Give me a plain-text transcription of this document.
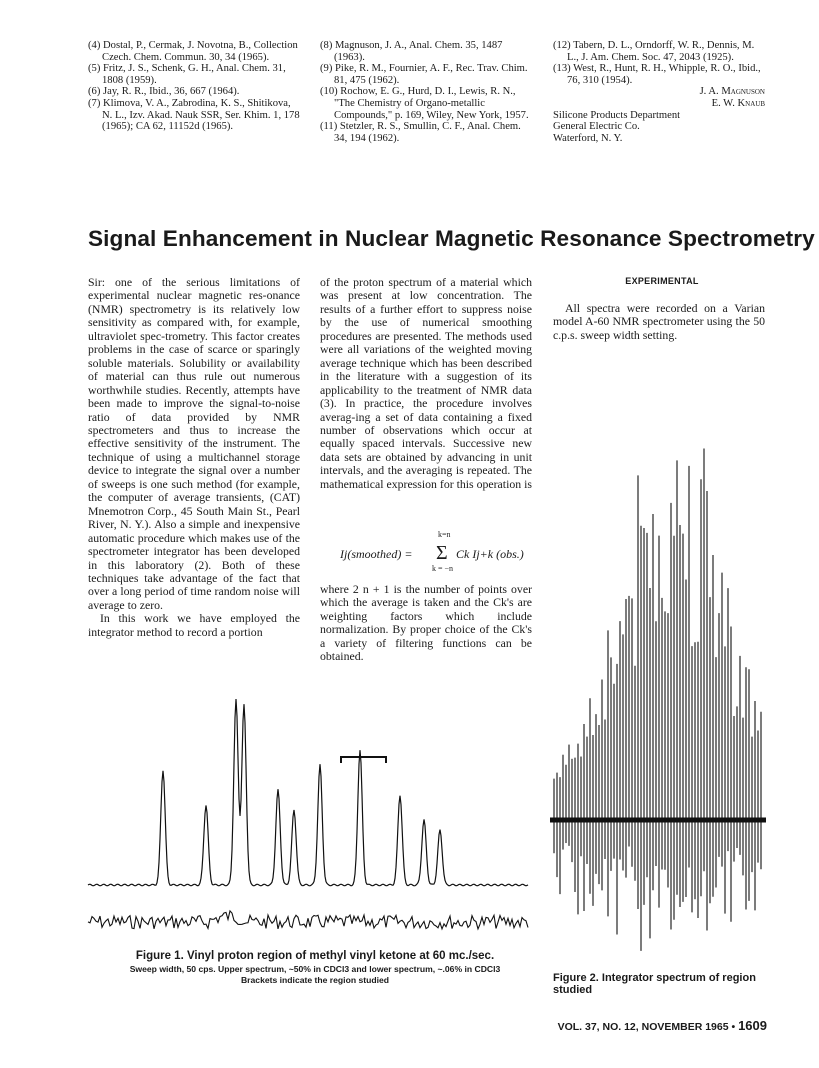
(4) Dostal, P., Cermak, J. Novotna, B., Collection Czech. Chem. Commun. 30, 34 (1965).

(5) Fritz, J. S., Schenk, G. H., Anal. Chem. 31, 1808 (1959).

(6) Jay, R. R., Ibid., 36, 667 (1964).

(7) Klimova, V. A., Zabrodina, K. S., Shitikova, N. L., Izv. Akad. Nauk SSR, Ser. Khim. 1, 178 (1965); CA 62, 11152d (1965).

(8) Magnuson, J. A., Anal. Chem. 35, 1487 (1963).

(9) Pike, R. M., Fournier, A. F., Rec. Trav. Chim. 81, 475 (1962).

(10) Rochow, E. G., Hurd, D. I., Lewis, R. N., "The Chemistry of Organo-metallic Compounds," p. 169, Wiley, New York, 1957.

(11) Stetzler, R. S., Smullin, C. F., Anal. Chem. 34, 194 (1962).

(12) Tabern, D. L., Orndorff, W. R., Dennis, M. L., J. Am. Chem. Soc. 47, 2043 (1925).

(13) West, R., Hunt, R. H., Whipple, R. O., Ibid., 76, 310 (1954).

J. A. Magnuson

E. W. Knaub

Silicone Products Department

General Electric Co.

Waterford, N. Y.

Signal Enhancement in Nuclear Magnetic Resonance Spectrometry

Sir: one of the serious limitations of experimental nuclear magnetic res-onance (NMR) spectrometry is its relatively low sensitivity as compared with, for example, ultraviolet spec-trometry. This factor creates problems in the case of scarce or sparingly soluble materials. Solubility or availability of material can thus rule out numerous worthwhile studies. Recently, attempts have been made to improve the signal-to-noise ratio of data provided by NMR spectrometers and thus to increase the effective sensitivity of the instrument. The technique of using a multichannel storage device to integrate the signal over a number of sweeps is one such method (for example, the computer of average transients, (CAT) Mnemotron Corp., 45 South Main St., Pearl River, N. Y.). Also a simple and inexpensive automatic procedure which makes use of the spectrometer integrator has been developed in this laboratory (2). Both of these techniques take advantage of the fact that over a long period of time random noise will average to zero.

In this work we have employed the integrator method to record a portion

of the proton spectrum of a material which was present at low concentration. The results of a further effort to suppress noise by the use of numerical smoothing procedures are presented. The methods used were all variations of the weighted moving average technique which has been described in the literature with a suggestion of its applicability to the treatment of NMR data (3). In practice, the procedure involves averag-ing a set of data containing a fixed number of observations which occur at equally spaced intervals. Successive new data sets are obtained by advancing in unit intervals, and the averaging is repeated. The mathematical expression for this operation is

Ij(smoothed) =
k=n
Σ
k = −n
Ck Ij+k (obs.)

where 2 n + 1 is the number of points over which the average is taken and the Ck's are weighting factors which include normalization. By proper choice of the Ck's a variety of filtering functions can be obtained.

EXPERIMENTAL

All spectra were recorded on a Varian model A-60 NMR spectrometer using the 50 c.p.s. sweep width setting.

Figure 1. Vinyl proton region of methyl vinyl ketone at 60 mc./sec.

Sweep width, 50 cps. Upper spectrum, ~50% in CDCl3 and lower spectrum, ~.06% in CDCl3

Brackets indicate the region studied	Figure 2. Integrator spectrum of region studied

VOL. 37, NO. 12, NOVEMBER 1965 • 1609
